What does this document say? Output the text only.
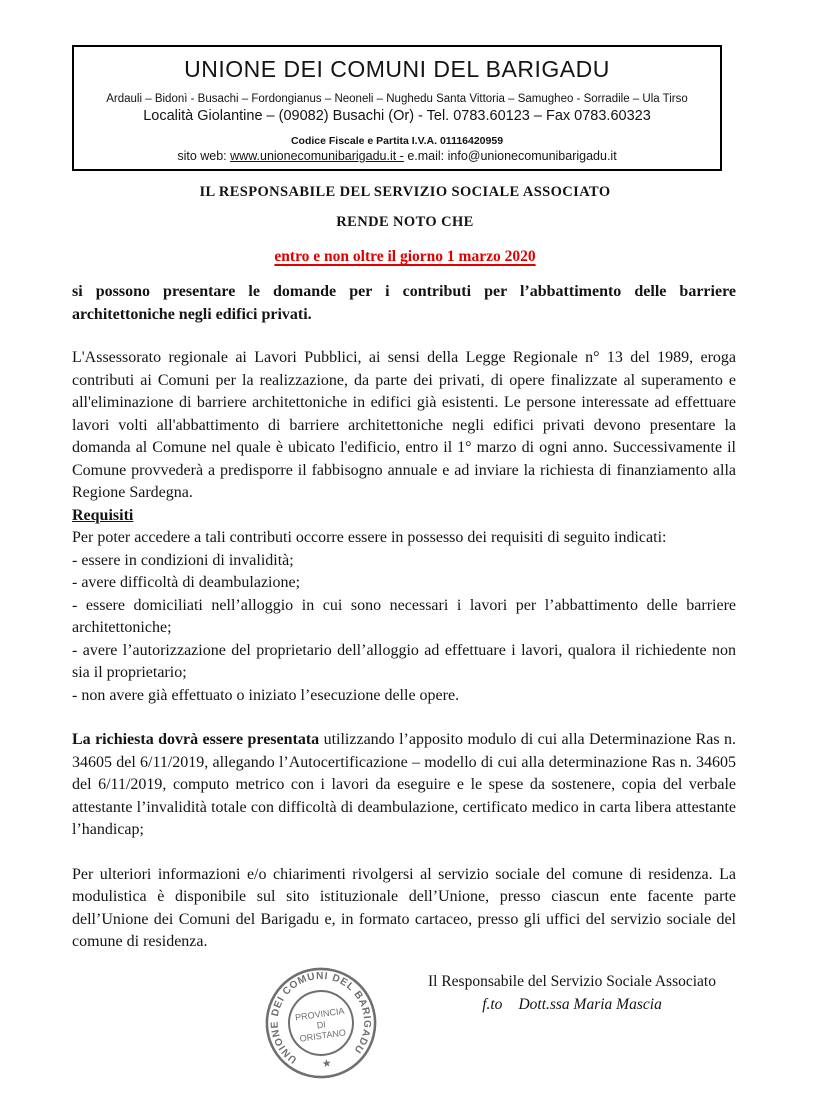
UNIONE DEI COMUNI DEL BARIGADU
Ardauli – Bidonì - Busachi – Fordongianus – Neoneli – Nughedu Santa Vittoria – Samugheo - Sorradile – Ula Tirso
Località Giolantine – (09082) Busachi (Or) - Tel. 0783.60123 – Fax 0783.60323
Codice Fiscale e Partita I.V.A. 01116420959
sito web: www.unionecomunibarigadu.it - e.mail: info@unionecomunibarigadu.it
IL RESPONSABILE DEL SERVIZIO SOCIALE ASSOCIATO
RENDE NOTO CHE
entro e non oltre il giorno 1 marzo 2020
si possono presentare le domande per i contributi per l’abbattimento delle barriere architettoniche negli edifici privati.
L'Assessorato regionale ai Lavori Pubblici, ai sensi della Legge Regionale n° 13 del 1989, eroga contributi ai Comuni per la realizzazione, da parte dei privati, di opere finalizzate al superamento e all'eliminazione di barriere architettoniche in edifici già esistenti. Le persone interessate ad effettuare lavori volti all'abbattimento di barriere architettoniche negli edifici privati devono presentare la domanda al Comune nel quale è ubicato l'edificio, entro il 1° marzo di ogni anno. Successivamente il Comune provvederà a predisporre il fabbisogno annuale e ad inviare la richiesta di finanziamento alla Regione Sardegna.
Requisiti
Per poter accedere a tali contributi occorre essere in possesso dei requisiti di seguito indicati:
- essere in condizioni di invalidità;
- avere difficoltà di deambulazione;
- essere domiciliati nell’alloggio in cui sono necessari i lavori per l’abbattimento delle barriere architettoniche;
- avere l’autorizzazione del proprietario dell’alloggio ad effettuare i lavori, qualora il richiedente non sia il proprietario;
- non avere già effettuato o iniziato l’esecuzione delle opere.
La richiesta dovrà essere presentata utilizzando l’apposito modulo di cui alla Determinazione Ras n. 34605 del 6/11/2019, allegando l’Autocertificazione – modello di cui alla determinazione Ras n. 34605 del 6/11/2019, computo metrico con i lavori da eseguire e le spese da sostenere, copia del verbale attestante l’invalidità totale con difficoltà di deambulazione, certificato medico in carta libera attestante l’handicap;
Per ulteriori informazioni e/o chiarimenti rivolgersi al servizio sociale del comune di residenza. La modulistica è disponibile sul sito istituzionale dell’Unione, presso ciascun ente facente parte dell’Unione dei Comuni del Barigadu e, in formato cartaceo, presso gli uffici del servizio sociale del comune di residenza.
UNIONE DEI COMUNI DEL BARIGADU
PROVINCIA
DI
ORISTANO
★
Il Responsabile del Servizio Sociale Associato
f.to Dott.ssa Maria Mascia
